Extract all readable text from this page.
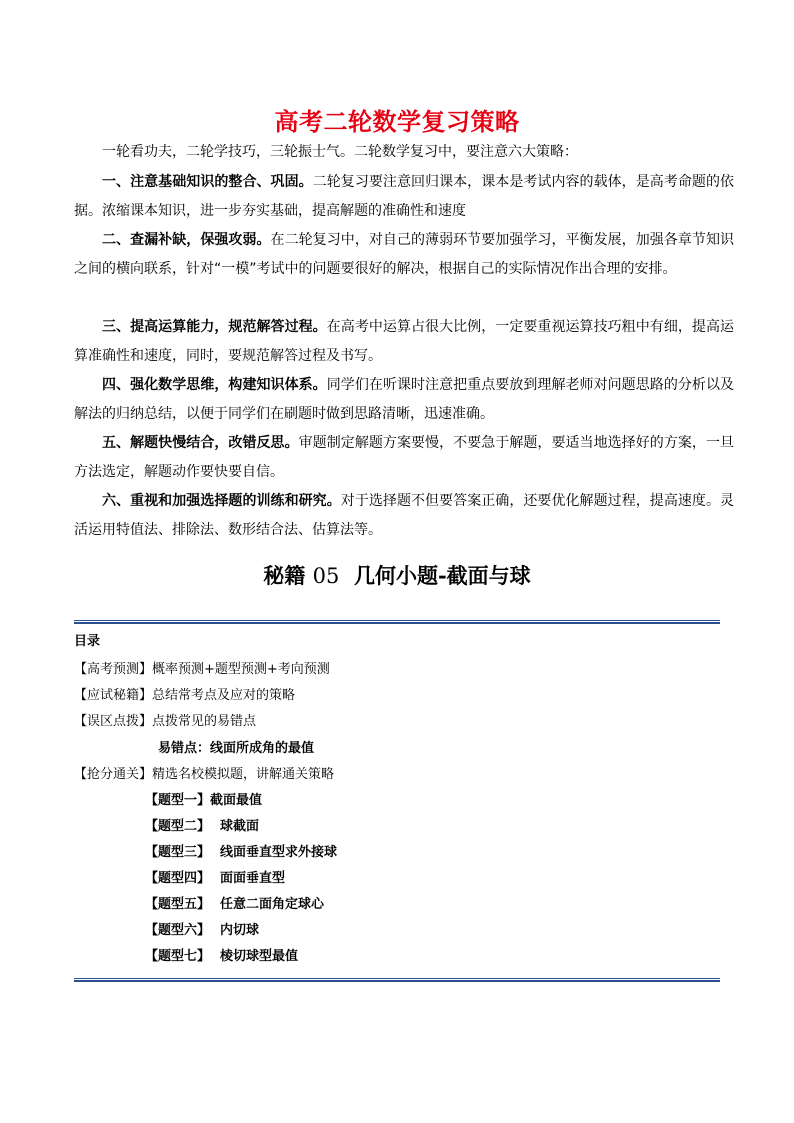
高考二轮数学复习策略
一轮看功夫，二轮学技巧，三轮振士气。二轮数学复习中，要注意六大策略：
一、注意基础知识的整合、巩固。二轮复习要注意回归课本，课本是考试内容的载体，是高考命题的依据。浓缩课本知识，进一步夯实基础，提高解题的准确性和速度
二、查漏补缺，保强攻弱。在二轮复习中，对自己的薄弱环节要加强学习，平衡发展，加强各章节知识之间的横向联系，针对“一模”考试中的问题要很好的解决，根据自己的实际情况作出合理的安排。
三、提高运算能力，规范解答过程。在高考中运算占很大比例，一定要重视运算技巧粗中有细，提高运算准确性和速度，同时，要规范解答过程及书写。
四、强化数学思维，构建知识体系。同学们在听课时注意把重点要放到理解老师对问题思路的分析以及解法的归纳总结，以便于同学们在刷题时做到思路清晰，迅速准确。
五、解题快慢结合，改错反思。审题制定解题方案要慢，不要急于解题，要适当地选择好的方案，一旦方法选定，解题动作要快要自信。
六、重视和加强选择题的训练和研究。对于选择题不但要答案正确，还要优化解题过程，提高速度。灵活运用特值法、排除法、数形结合法、估算法等。
秘籍 05 几何小题-截面与球
目录
【高考预测】概率预测+题型预测+考向预测
【应试秘籍】总结常考点及应对的策略
【误区点拨】点拨常见的易错点
易错点：线面所成角的最值
【抢分通关】精选名校模拟题，讲解通关策略
【题型一】截面最值
【题型二】 球截面
【题型三】 线面垂直型求外接球
【题型四】 面面垂直型
【题型五】 任意二面角定球心
【题型六】 内切球
【题型七】 棱切球型最值
